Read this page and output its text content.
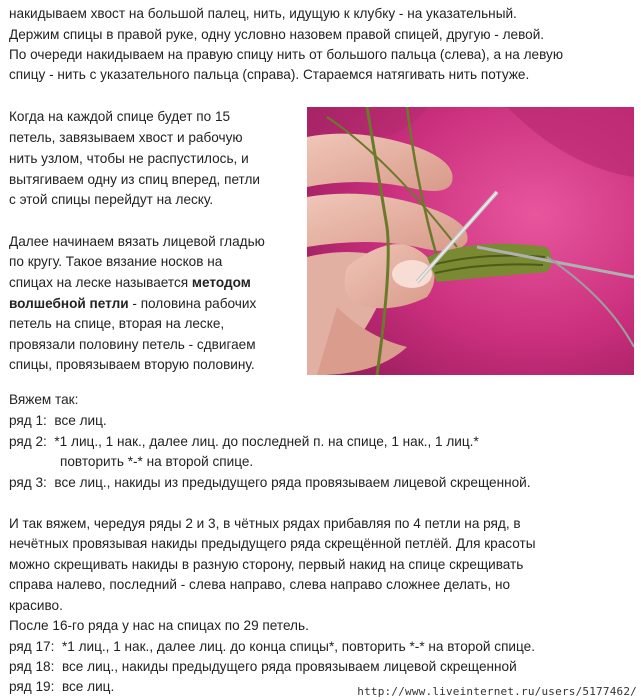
накидываем хвост на большой палец, нить, идущую к клубку - на указательный.
Держим спицы в правой руке, одну условно назовем правой спицей, другую - левой.
По очереди накидываем на правую спицу нить от большого пальца (слева), а на левую
спицу - нить с указательного пальца (справа). Стараемся натягивать нить потуже.
Когда на каждой спице будет по 15
петель, завязываем хвост и рабочую
нить узлом, чтобы не распустилось, и
вытягиваем одну из спиц вперед, петли
с этой спицы перейдут на леску.
Далее начинаем вязать лицевой гладью
по кругу. Такое вязание носков на
спицах на леске называется методом
волшебной петли - половина рабочих
петель на спице, вторая на леске,
провязали половину петель - сдвигаем
спицы, провязываем вторую половину.
Вяжем так:
ряд 1: все лиц.
ряд 2: *1 лиц., 1 нак., далее лиц. до последней п. на спице, 1 нак., 1 лиц.*
повторить *-* на второй спице.
ряд 3: все лиц., накиды из предыдущего ряда провязываем лицевой скрещенной.
И так вяжем, чередуя ряды 2 и 3, в чётных рядах прибавляя по 4 петли на ряд, в
нечётных провязывая накиды предыдущего ряда скрещённой петлёй. Для красоты
можно скрещивать накиды в разную сторону, первый накид на спице скрещивать
справа налево, последний - слева направо, слева направо сложнее делать, но
красиво.
После 16-го ряда у нас на спицах по 29 петель.
ряд 17: *1 лиц., 1 нак., далее лиц. до конца спицы*, повторить *-* на второй спице.
ряд 18: все лиц., накиды предыдущего ряда провязываем лицевой скрещенной
ряд 19: все лиц.	http://www.liveinternet.ru/users/5177462/
